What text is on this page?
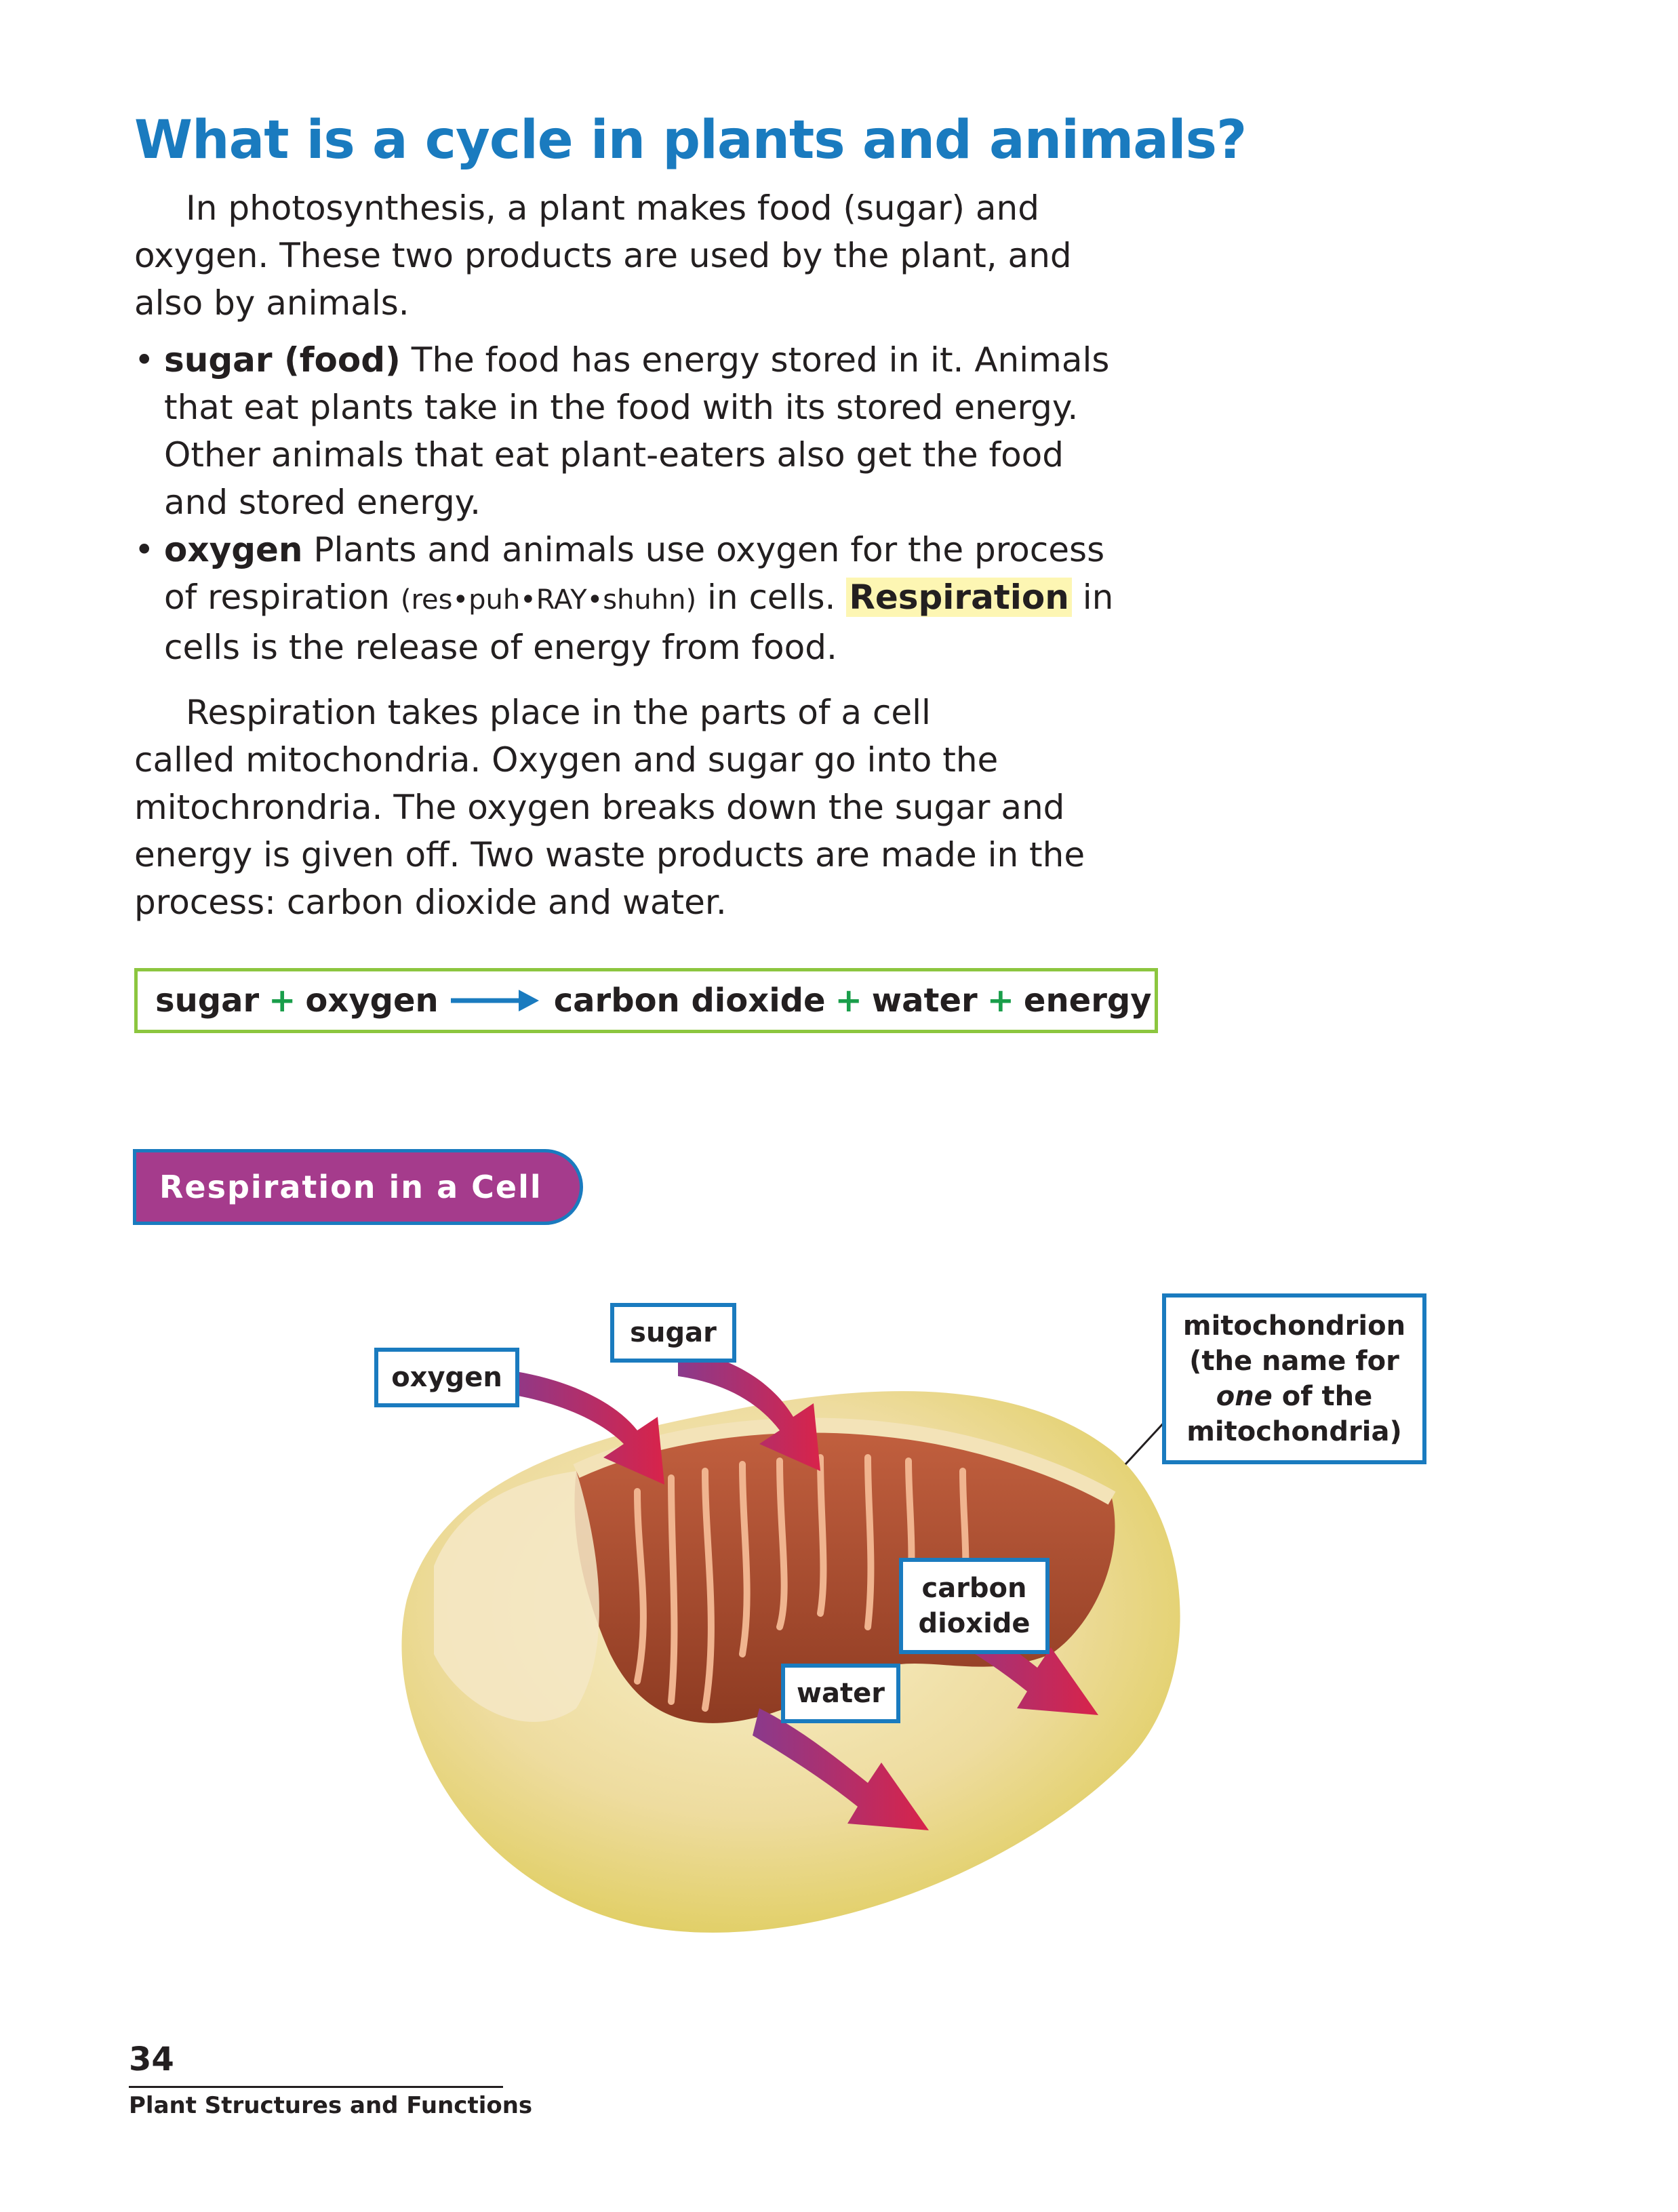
What is a cycle in plants and animals?
In photosynthesis, a plant makes food (sugar) and
oxygen. These two products are used by the plant, and
also by animals.
• sugar (food) The food has energy stored in it. Animals
that eat plants take in the food with its stored energy.
Other animals that eat plant-eaters also get the food
and stored energy.
• oxygen Plants and animals use oxygen for the process
of respiration (res•puh•RAY•shuhn) in cells. Respiration in
cells is the release of energy from food.
Respiration takes place in the parts of a cell
called mitochondria. Oxygen and sugar go into the
mitochrondria. The oxygen breaks down the sugar and
energy is given off. Two waste products are made in the
process: carbon dioxide and water.
sugar + oxygen → carbon dioxide + water + energy
Respiration in a Cell
oxygen
sugar	mitochondrion
(the name for
one of the
mitochondria)
carbon
dioxide
water
34
Plant Structures and Functions
